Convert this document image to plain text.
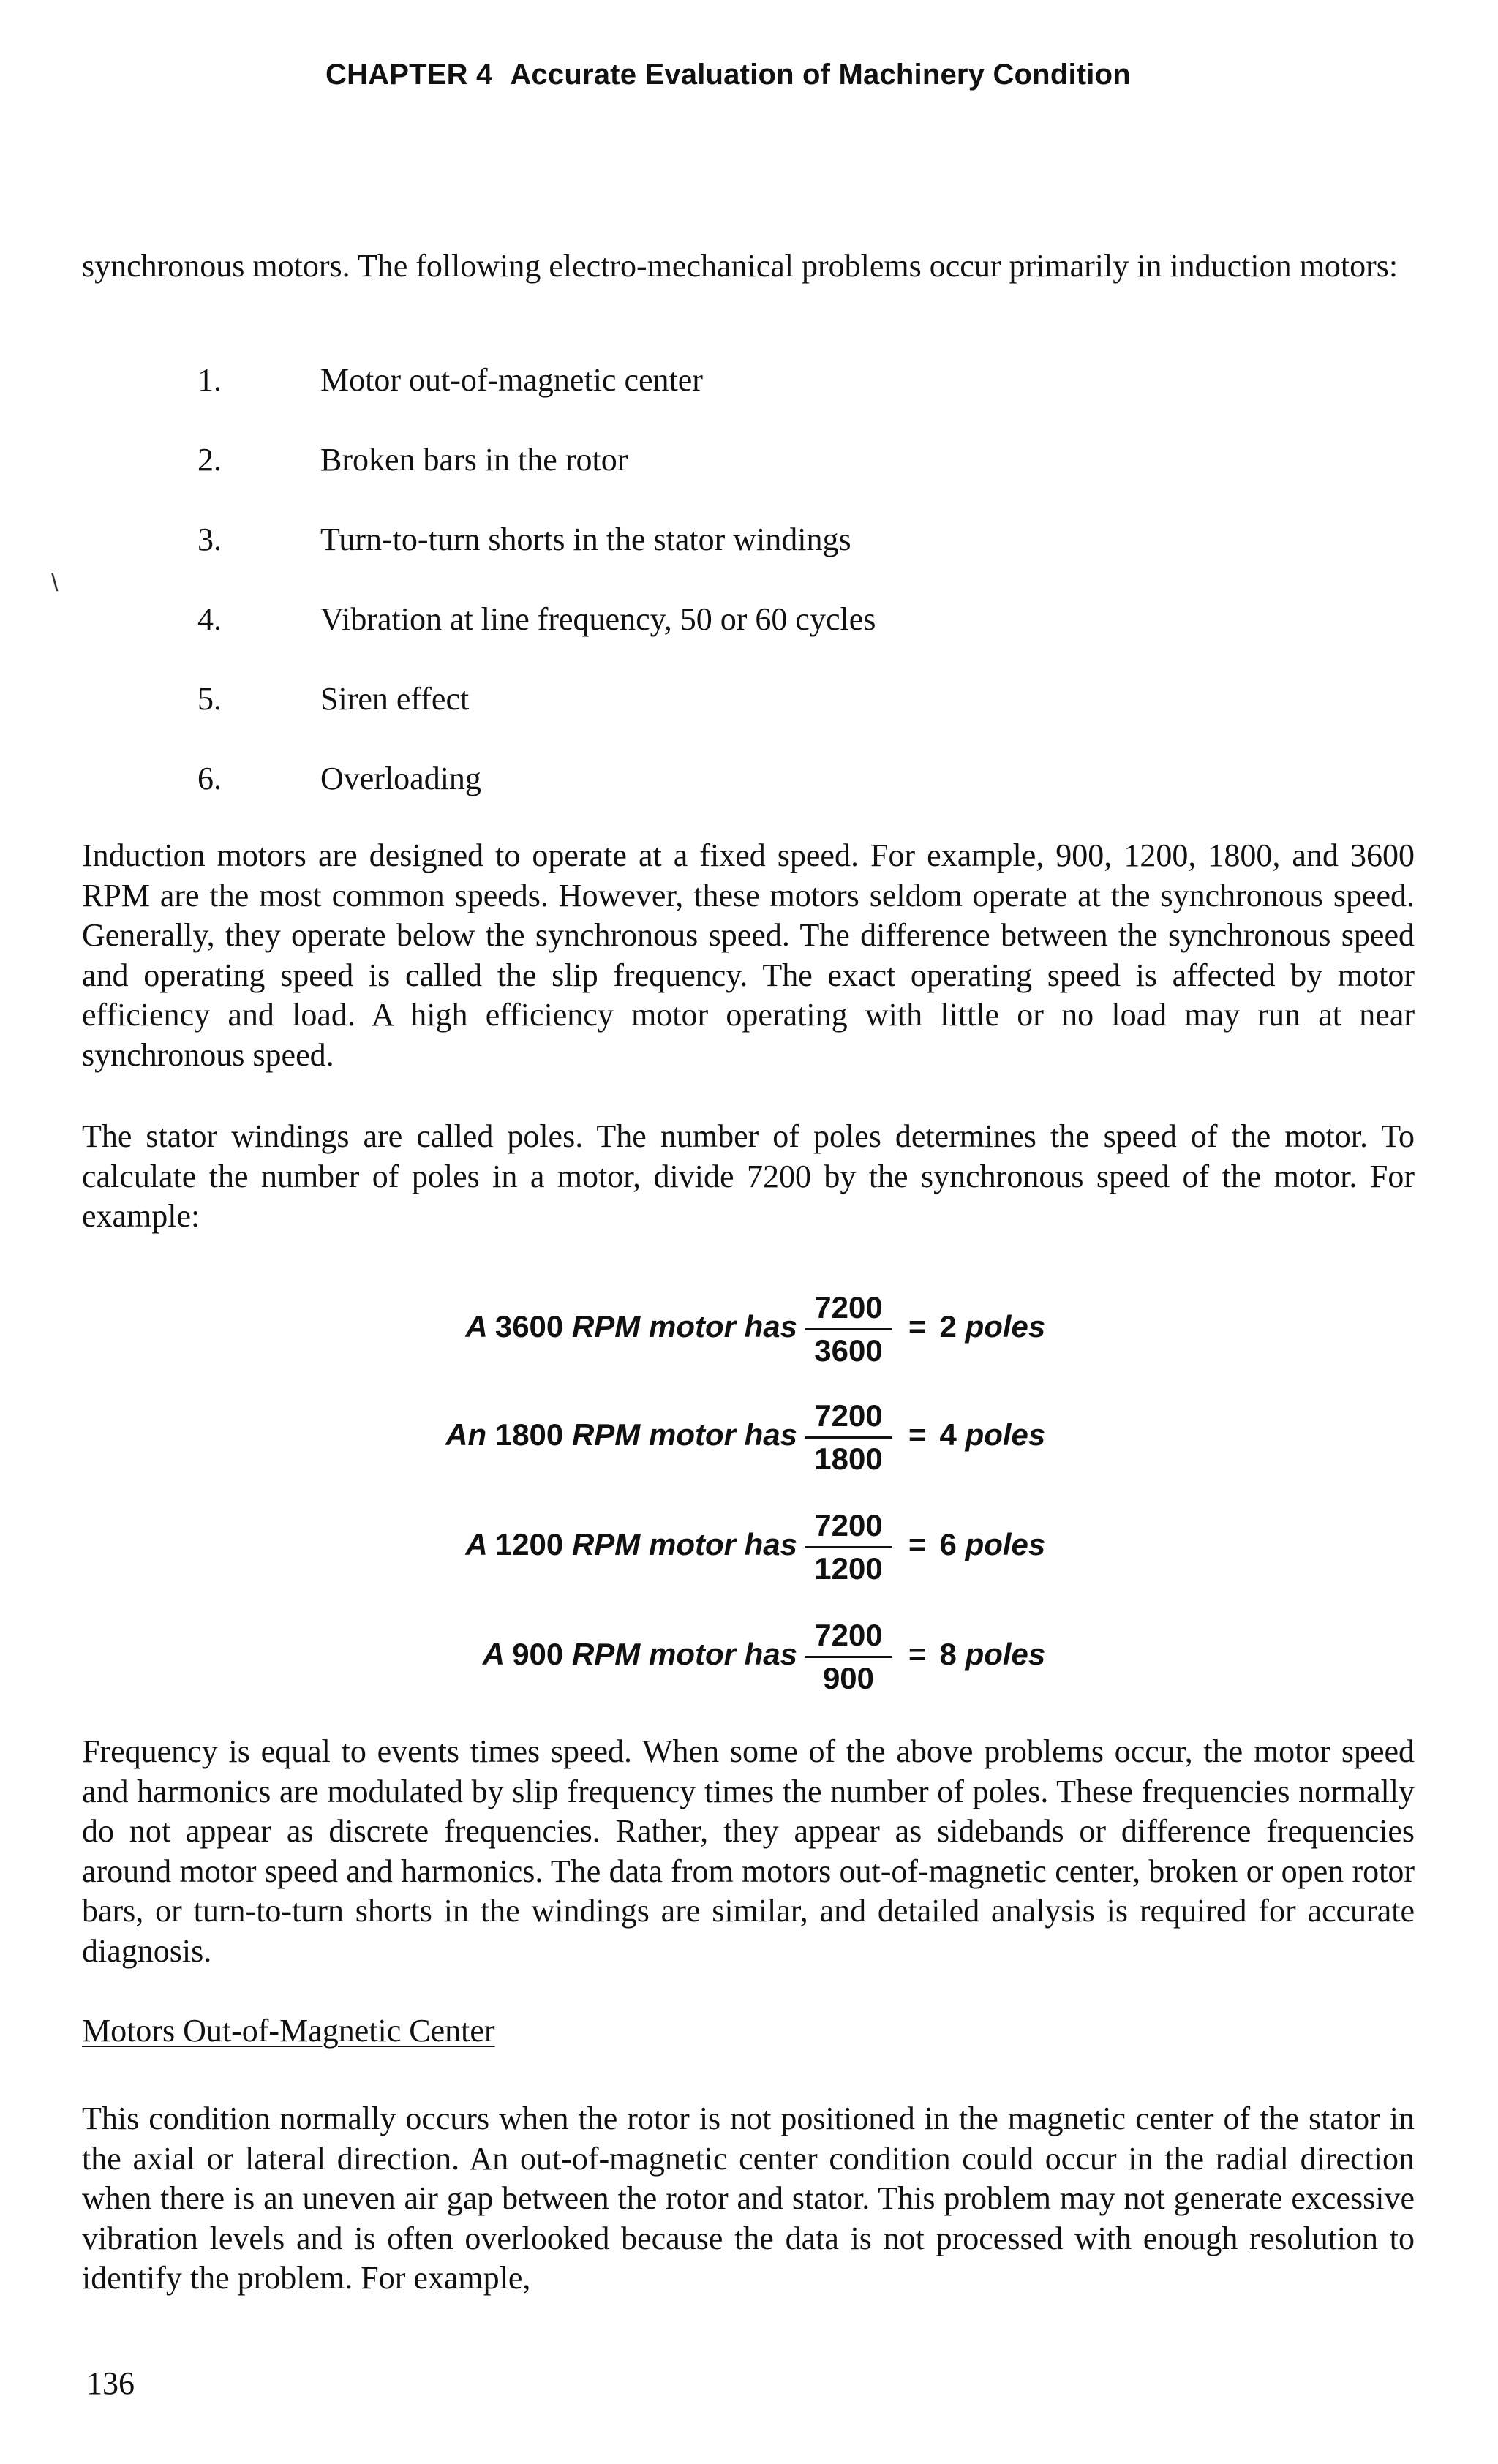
CHAPTER 4 Accurate Evaluation of Machinery Condition

synchronous motors. The following electro-mechanical problems occur primarily in induction motors:

1.	Motor out-of-magnetic center
2.	Broken bars in the rotor
3.	Turn-to-turn shorts in the stator windings
4.	Vibration at line frequency, 50 or 60 cycles
5.	Siren effect
6.	Overloading
\

Induction motors are designed to operate at a fixed speed. For example, 900, 1200, 1800, and 3600 RPM are the most common speeds. However, these motors seldom operate at the synchronous speed. Generally, they operate below the synchronous speed. The difference between the synchronous speed and operating speed is called the slip frequency. The exact operating speed is affected by motor efficiency and load. A high efficiency motor operating with little or no load may run at near synchronous speed.

The stator windings are called poles. The number of poles determines the speed of the motor. To calculate the number of poles in a motor, divide 7200 by the synchronous speed of the motor. For example:

A 3600 RPM motor has $\frac{7200}{3600} = 2$ poles
An 1800 RPM motor has $\frac{7200}{1800} = 4$ poles
A 1200 RPM motor has $\frac{7200}{1200} = 6$ poles
A 900 RPM motor has $\frac{7200}{900} = 8$ poles

Frequency is equal to events times speed. When some of the above problems occur, the motor speed and harmonics are modulated by slip frequency times the number of poles. These frequencies normally do not appear as discrete frequencies. Rather, they appear as sidebands or difference frequencies around motor speed and harmonics. The data from motors out-of-magnetic center, broken or open rotor bars, or turn-to-turn shorts in the windings are similar, and detailed analysis is required for accurate diagnosis.

Motors Out-of-Magnetic Center

This condition normally occurs when the rotor is not positioned in the magnetic center of the stator in the axial or lateral direction. An out-of-magnetic center condition could occur in the radial direction when there is an uneven air gap between the rotor and stator. This problem may not generate excessive vibration levels and is often overlooked because the data is not processed with enough resolution to identify the problem. For example,

136
